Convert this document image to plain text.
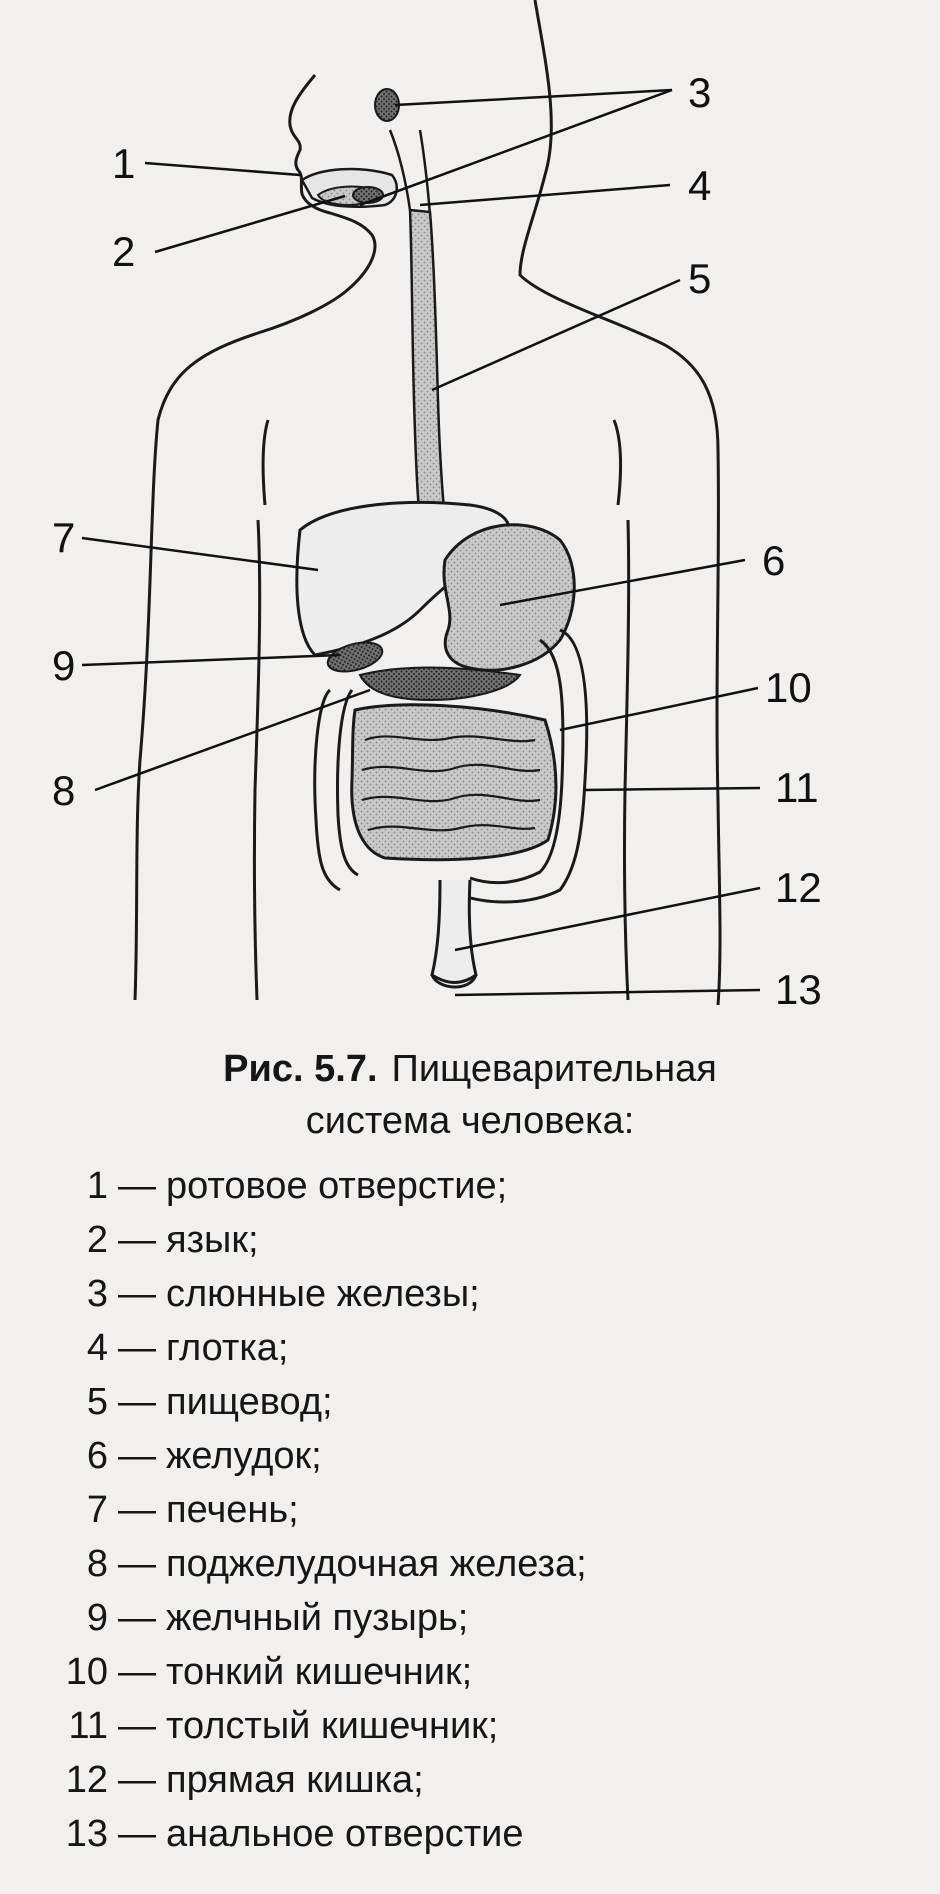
1
2
3
4
5
6
7
8
9	10
11
12
13
Рис. 5.7. Пищеварительная
система человека:
1 — ротовое отверстие;
2 — язык;
3 — слюнные железы;
4 — глотка;
5 — пищевод;
6 — желудок;
7 — печень;
8 — поджелудочная железа;
9 — желчный пузырь;
10 — тонкий кишечник;
11 — толстый кишечник;
12 — прямая кишка;
13 — анальное отверстие
